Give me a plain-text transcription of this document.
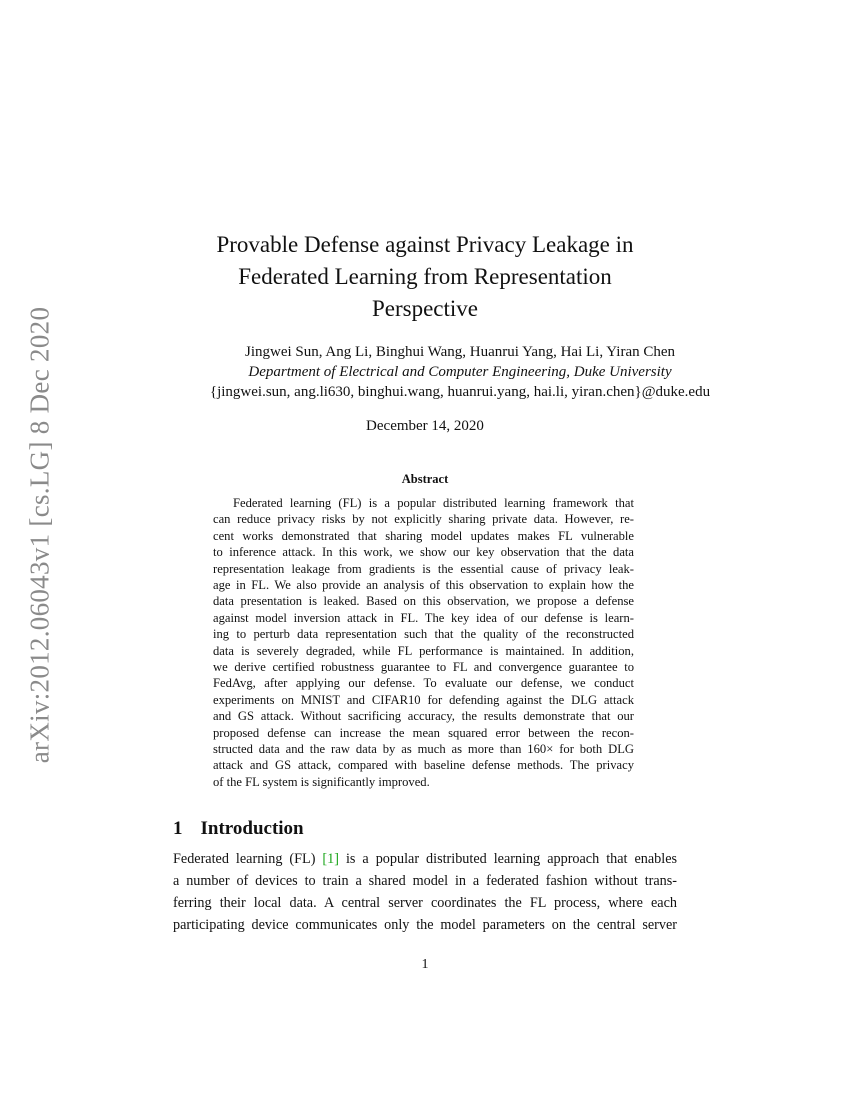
arXiv:2012.06043v1 [cs.LG] 8 Dec 2020
Provable Defense against Privacy Leakage in
Federated Learning from Representation
Perspective
Jingwei Sun, Ang Li, Binghui Wang, Huanrui Yang, Hai Li, Yiran Chen
Department of Electrical and Computer Engineering, Duke University
{jingwei.sun, ang.li630, binghui.wang, huanrui.yang, hai.li, yiran.chen}@duke.edu
December 14, 2020
Abstract
Federated learning (FL) is a popular distributed learning framework that
can reduce privacy risks by not explicitly sharing private data. However, re-
cent works demonstrated that sharing model updates makes FL vulnerable
to inference attack. In this work, we show our key observation that the data
representation leakage from gradients is the essential cause of privacy leak-
age in FL. We also provide an analysis of this observation to explain how the
data presentation is leaked. Based on this observation, we propose a defense
against model inversion attack in FL. The key idea of our defense is learn-
ing to perturb data representation such that the quality of the reconstructed
data is severely degraded, while FL performance is maintained. In addition,
we derive certified robustness guarantee to FL and convergence guarantee to
FedAvg, after applying our defense. To evaluate our defense, we conduct
experiments on MNIST and CIFAR10 for defending against the DLG attack
and GS attack. Without sacrificing accuracy, the results demonstrate that our
proposed defense can increase the mean squared error between the recon-
structed data and the raw data by as much as more than 160× for both DLG
attack and GS attack, compared with baseline defense methods. The privacy
of the FL system is significantly improved.
1 Introduction
Federated learning (FL) [1] is a popular distributed learning approach that enables
a number of devices to train a shared model in a federated fashion without trans-
ferring their local data. A central server coordinates the FL process, where each
participating device communicates only the model parameters on the central server
1
